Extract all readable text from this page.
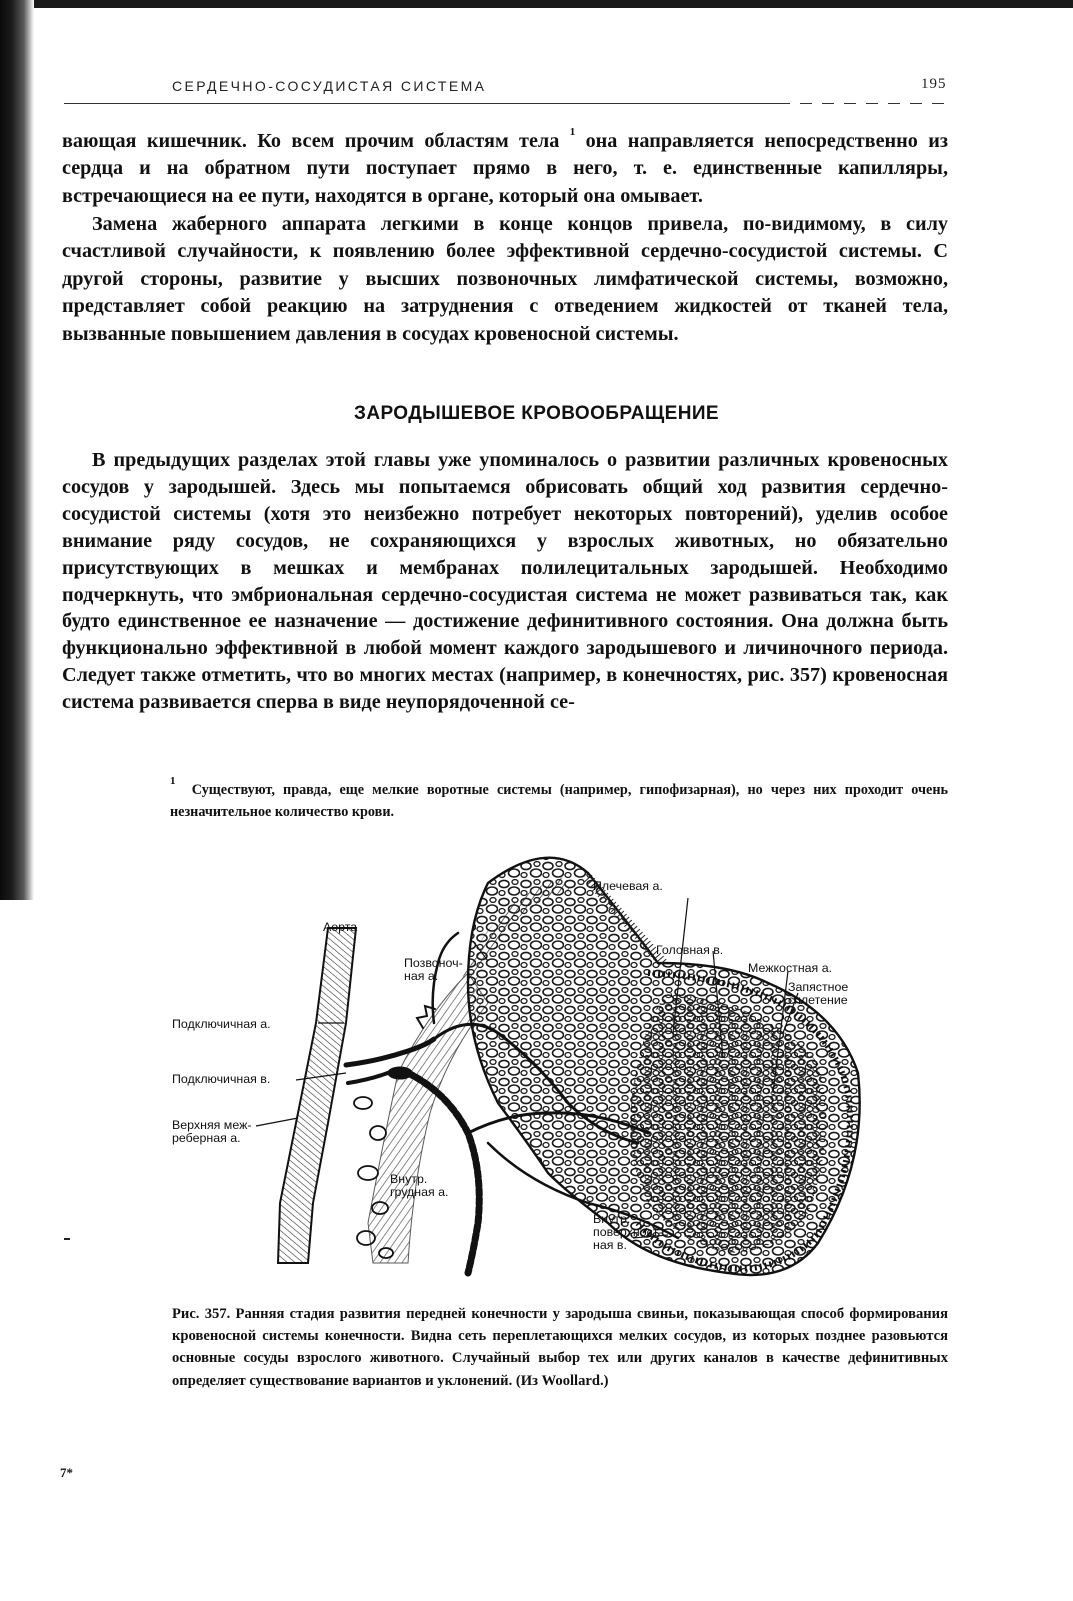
СЕРДЕЧНО-СОСУДИСТАЯ СИСТЕМА	195

вающая кишечник. Ко всем прочим областям тела $^1$ она направляется непосредственно из сердца и на обратном пути поступает прямо в него, т. е. единственные капилляры, встречающиеся на ее пути, находятся в органе, который она омывает.

Замена жаберного аппарата легкими в конце концов привела, по-видимому, в силу счастливой случайности, к появлению более эффективной сердечно-сосудистой системы. С другой стороны, развитие у высших позвоночных лимфатической системы, возможно, представляет собой реакцию на затруднения с отведением жидкостей от тканей тела, вызванные повышением давления в сосудах кровеносной системы.

ЗАРОДЫШЕВОЕ КРОВООБРАЩЕНИЕ

В предыдущих разделах этой главы уже упоминалось о развитии различных кровеносных сосудов у зародышей. Здесь мы попытаемся обрисовать общий ход развития сердечно-сосудистой системы (хотя это неизбежно потребует некоторых повторений), уделив особое внимание ряду сосудов, не сохраняющихся у взрослых животных, но обязательно присутствующих в мешках и мембранах полилецитальных зародышей. Необходимо подчеркнуть, что эмбриональная сердечно-сосудистая система не может развиваться так, как будто единственное ее назначение — достижение дефинитивного состояния. Она должна быть функционально эффективной в любой момент каждого зародышевого и личиночного периода. Следует также отметить, что во многих местах (например, в конечностях, рис. 357) кровеносная система развивается сперва в виде неупорядоченной се-

$^1$  Существуют, правда, еще мелкие воротные системы (например, гипофизарная), но через них проходит очень незначительное количество крови.

Аорта
Позвоноч-
ная а.
Подключичная а.
Подключичная в.
Верхняя меж-
реберная а.
Внутр.
грудная а.
Плечевая а.
Головная в.
Межкостная а.
Запястное
сплетение
Внутр.
поверхност-
ная в.

Рис. 357. Ранняя стадия развития передней конечности у зародыша свиньи, показывающая способ формирования кровеносной системы конечности. Видна сеть переплетающихся мелких сосудов, из которых позднее разовьются основные сосуды взрослого животного. Случайный выбор тех или других каналов в качестве дефинитивных определяет существование вариантов и уклонений. (Из Woollard.)

7*
